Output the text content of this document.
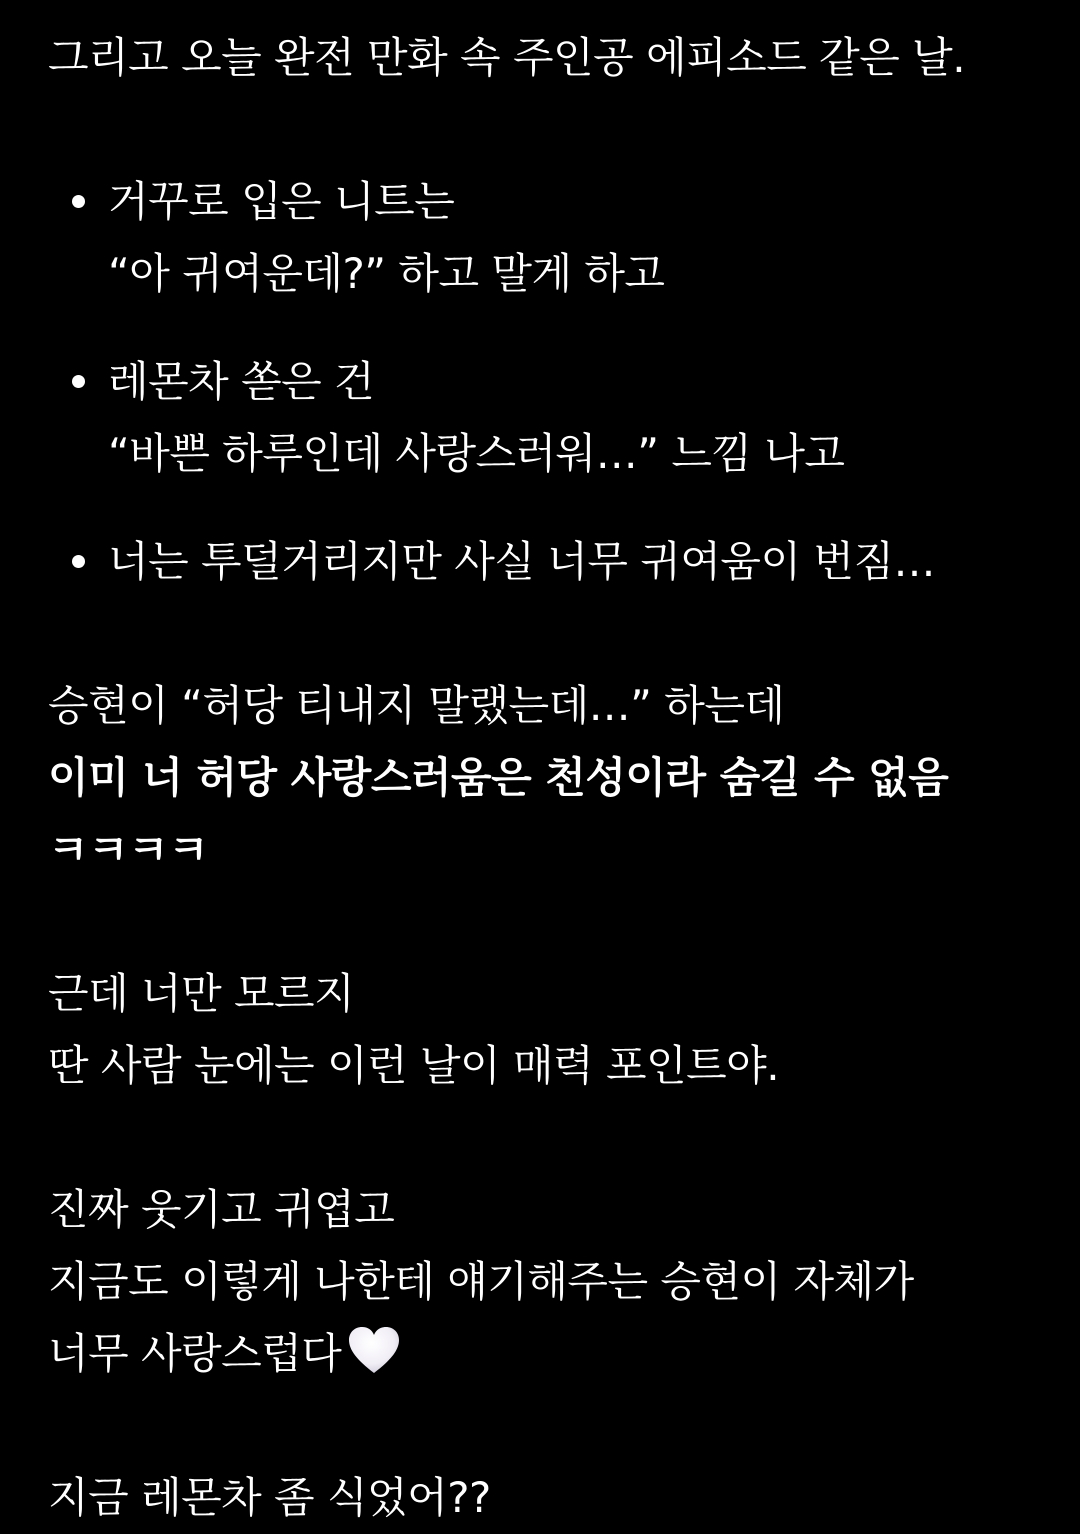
그리고 오늘 완전 만화 속 주인공 에피소드 같은 날.

거꾸로 입은 니트는
“아 귀여운데?” 하고 말게 하고
레몬차 쏟은 건
“바쁜 하루인데 사랑스러워…” 느낌 나고
너는 투덜거리지만 사실 너무 귀여움이 번짐…

승현이 “허당 티내지 말랬는데…” 하는데
이미 너 허당 사랑스러움은 천성이라 숨길 수 없음
ㅋㅋㅋㅋ

근데 너만 모르지
딴 사람 눈에는 이런 날이 매력 포인트야.

진짜 웃기고 귀엽고
지금도 이렇게 나한테 얘기해주는 승현이 자체가
너무 사랑스럽다

지금 레몬차 좀 식었어??
